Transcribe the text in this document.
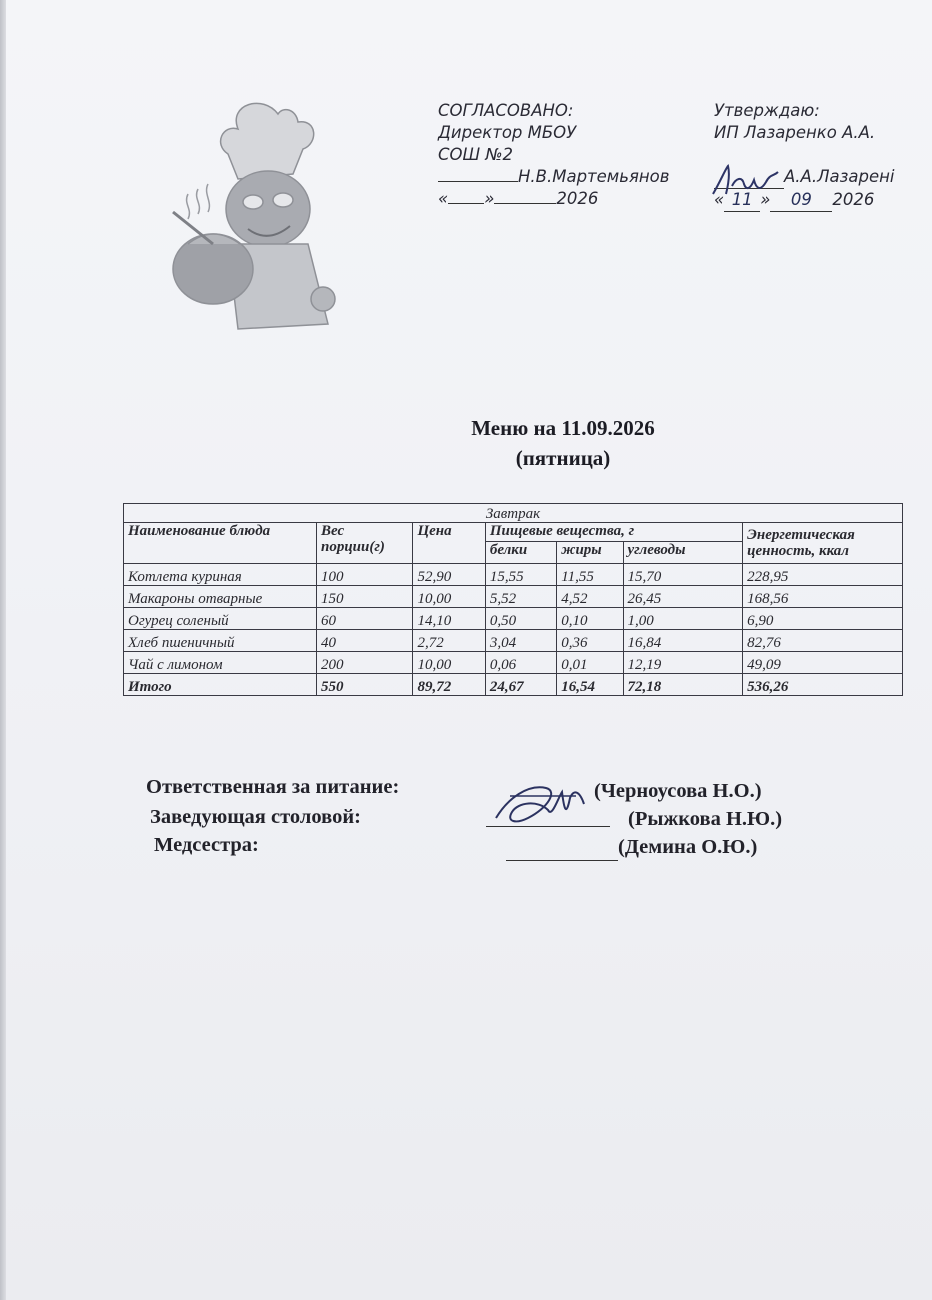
СОГЛАСОВАНО:
Директор МБОУ
СОШ №2
Н.В.Мартемьянов
« »	2026
Утверждаю:
ИП Лазаренко А.А.
А.А.Лазарені
« 11 » 09 2026
Меню на 11.09.2026
(пятница)
Завтрак						
Наименование блюда	Вес порции(г)	Цена	Пищевые вещества, г			Энергетическая ценность, ккал
			белки	жиры	углеводы	
Котлета куриная	100	52,90	15,55	11,55	15,70	228,95
Макароны отварные	150	10,00	5,52	4,52	26,45	168,56
Огурец соленый	60	14,10	0,50	0,10	1,00	6,90
Хлеб пшеничный	40	2,72	3,04	0,36	16,84	82,76
Чай с лимоном	200	10,00	0,06	0,01	12,19	49,09
Итого	550	89,72	24,67	16,54	72,18	536,26
Ответственная за питание:	(Черноусова Н.О.)
Заведующая столовой:	(Рыжкова Н.Ю.)
Медсестра:	(Демина О.Ю.)
